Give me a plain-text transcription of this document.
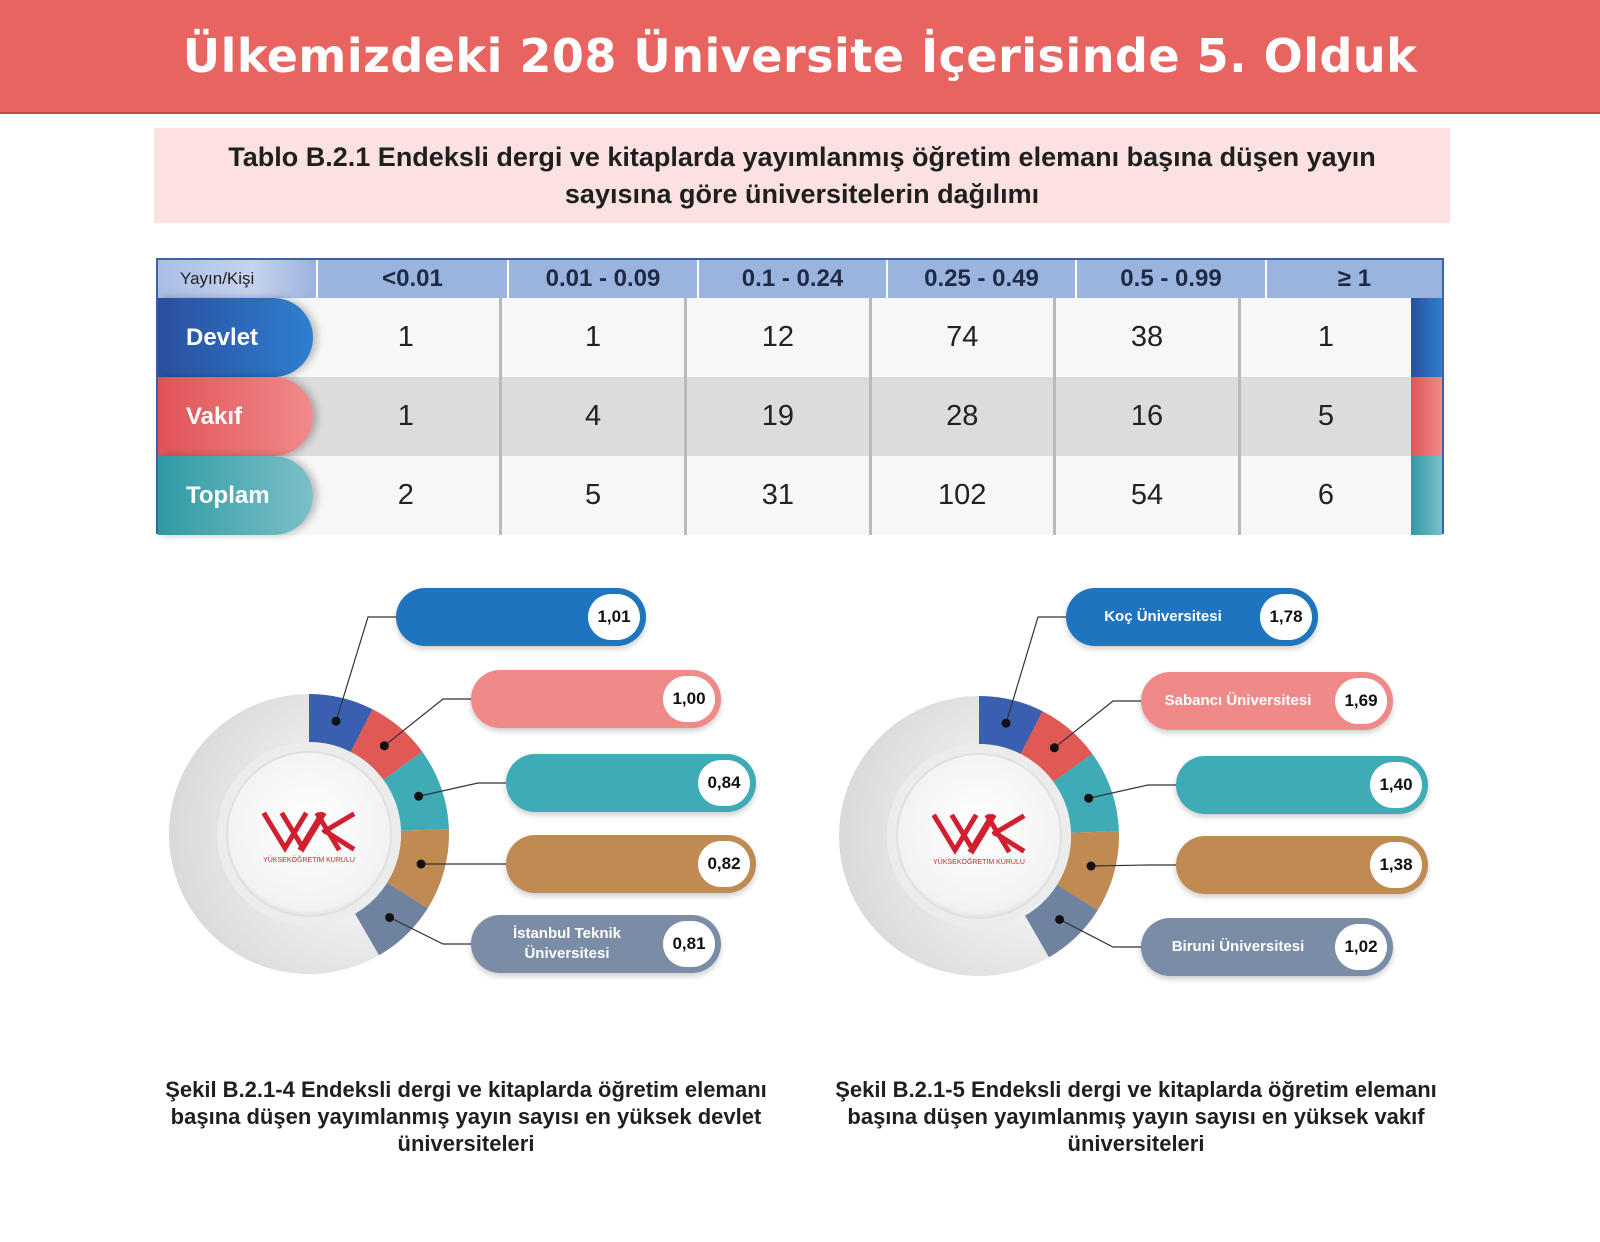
Ülkemizdeki 208 Üniversite İçerisinde 5. Olduk

Tablo B.2.1 Endeksli dergi ve kitaplarda yayımlanmış öğretim elemanı başına düşen yayın sayısına göre üniversitelerin dağılımı

Yayın/Kişi	<0.01	0.01 - 0.09	0.1 - 0.24	0.25 - 0.49	0.5 - 0.99	≥ 1
Devlet	1	1	12	74	38	1
Vakıf	1	4	19	28	16	5
Toplam	2	5	31	102	54	6
YÜKSEKÖĞRETİM KURULU
1,01
1,00
0,84
0,82
İstanbul Teknik Üniversitesi
0,81
YÜKSEKÖĞRETİM KURULU
Koç Üniversitesi	1,78
Sabancı Üniversitesi	1,69
1,40
1,38
Biruni Üniversitesi	1,02
Şekil B.2.1-4 Endeksli dergi ve kitaplarda öğretim elemanı başına düşen yayımlanmış yayın sayısı en yüksek devlet üniversiteleri
Şekil B.2.1-5 Endeksli dergi ve kitaplarda öğretim elemanı başına düşen yayımlanmış yayın sayısı en yüksek vakıf üniversiteleri
